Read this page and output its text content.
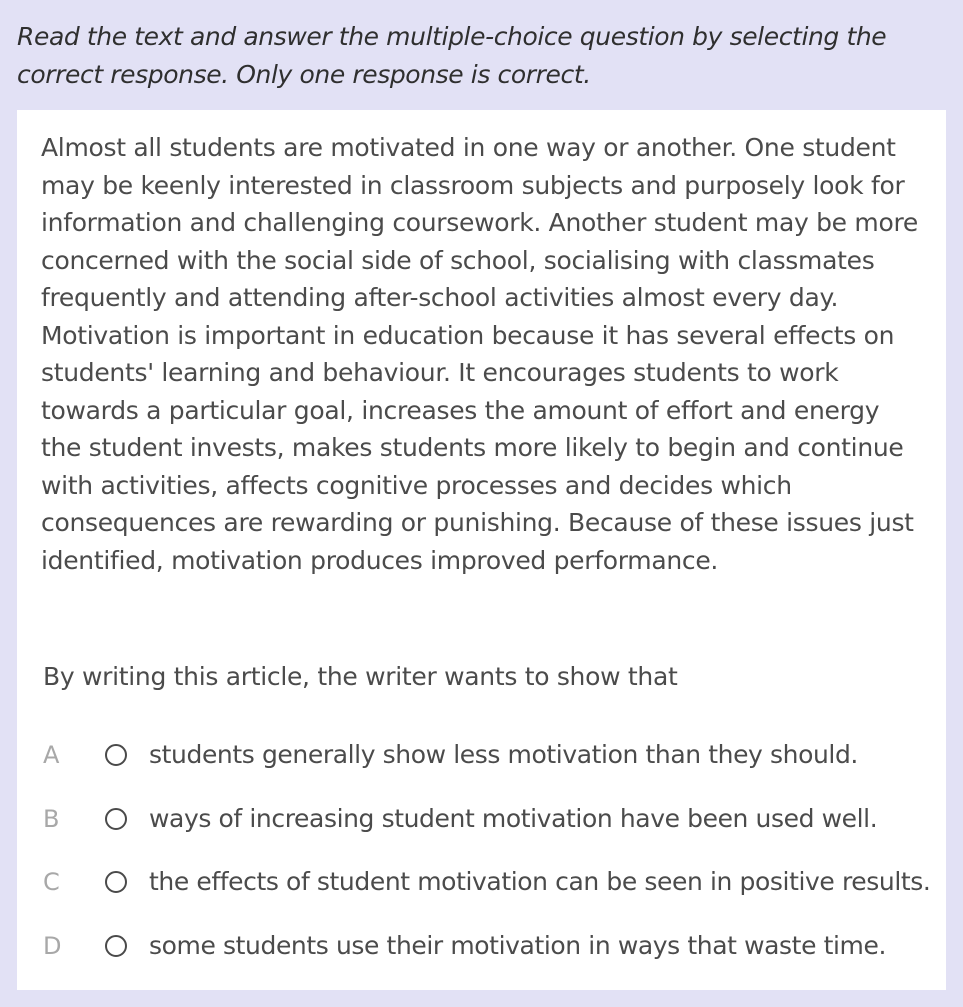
Read the text and answer the multiple-choice question by selecting the correct response. Only one response is correct.
Almost all students are motivated in one way or another. One student may be keenly interested in classroom subjects and purposely look for information and challenging coursework. Another student may be more concerned with the social side of school, socialising with classmates frequently and attending after-school activities almost every day. Motivation is important in education because it has several effects on students' learning and behaviour. It encourages students to work towards a particular goal, increases the amount of effort and energy the student invests, makes students more likely to begin and continue with activities, affects cognitive processes and decides which consequences are rewarding or punishing. Because of these issues just identified, motivation produces improved performance.
By writing this article, the writer wants to show that
A	students generally show less motivation than they should.
B	ways of increasing student motivation have been used well.
C	the effects of student motivation can be seen in positive results.
D	some students use their motivation in ways that waste time.
